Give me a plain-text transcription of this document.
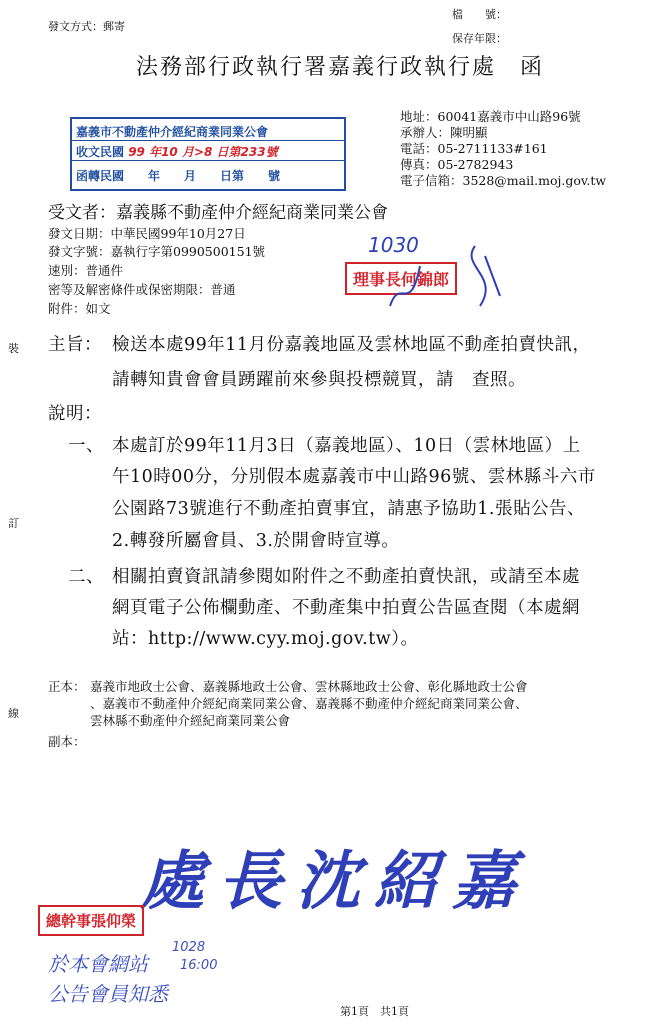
發文方式：郵寄
檔　　號：
保存年限：
法務部行政執行署嘉義行政執行處　函
地址：60041嘉義市中山路96號
承辦人：陳明顯
電話：05-2711133#161
傳真：05-2782943
電子信箱：3528@mail.moj.gov.tw
嘉義市不動產仲介經紀商業同業公會
收文民國 99 年10 月>8 日第233號
函轉民國　　年　　月　　日第　　號
受文者：嘉義縣不動產仲介經紀商業同業公會
發文日期：中華民國99年10月27日
發文字號：嘉執行字第0990500151號
速別：普通件
密等及解密條件或保密期限：普通
附件：如文
1030
理事長何錦郎
裝
訂
線
主旨： 檢送本處99年11月份嘉義地區及雲林地區不動產拍賣快訊，
請轉知貴會會員踴躍前來參與投標競買，請　查照。
說明：
一、 本處訂於99年11月3日（嘉義地區）、10日（雲林地區）上
午10時00分，分別假本處嘉義市中山路96號、雲林縣斗六市
公園路73號進行不動產拍賣事宜，請惠予協助1.張貼公告、
2.轉發所屬會員、3.於開會時宣導。
二、 相關拍賣資訊請參閱如附件之不動產拍賣快訊，或請至本處
網頁電子公佈欄動產、不動產集中拍賣公告區查閱（本處網
站：http://www.cyy.moj.gov.tw）。
正本： 嘉義市地政士公會、嘉義縣地政士公會、雲林縣地政士公會、彰化縣地政士公會
、嘉義市不動產仲介經紀商業同業公會、嘉義縣不動產仲介經紀商業同業公會、
雲林縣不動產仲介經紀商業同業公會
副本：
處長沈紹嘉
總幹事張仰榮
於本會網站
公告會員知悉
1028
16:00
第1頁　共1頁
